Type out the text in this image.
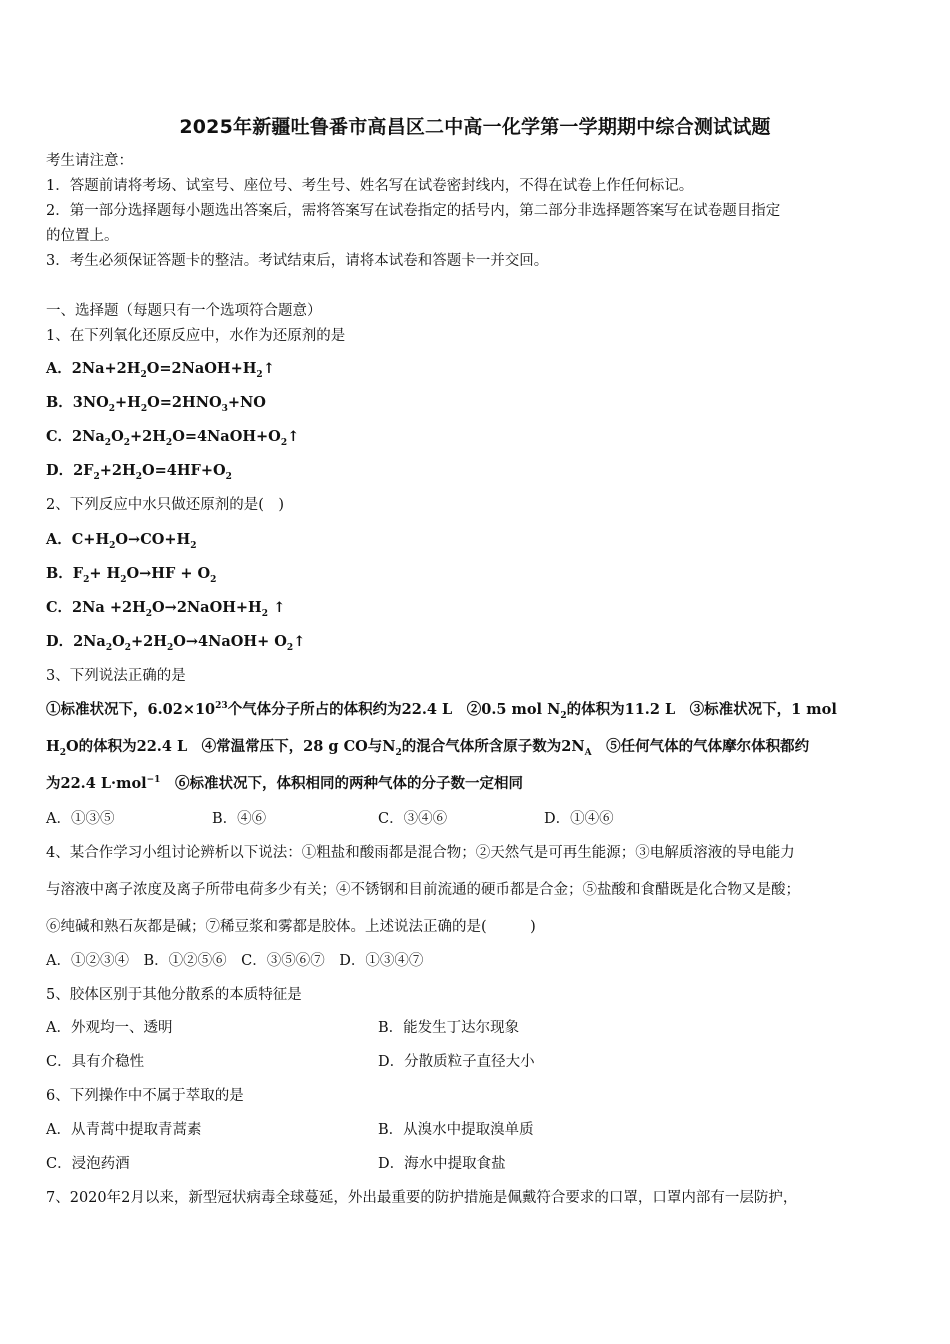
2025年新疆吐鲁番市高昌区二中高一化学第一学期期中综合测试试题
考生请注意：
1．答题前请将考场、试室号、座位号、考生号、姓名写在试卷密封线内，不得在试卷上作任何标记。
2．第一部分选择题每小题选出答案后，需将答案写在试卷指定的括号内，第二部分非选择题答案写在试卷题目指定
的位置上。
3．考生必须保证答题卡的整洁。考试结束后，请将本试卷和答题卡一并交回。
一、选择题（每题只有一个选项符合题意）
1、在下列氧化还原反应中，水作为还原剂的是
A．$2Na+2H_2O=2NaOH+H_2↑$
B．$3NO_2+H_2O=2HNO_3+NO$
C．$2Na_2O_2+2H_2O=4NaOH+O_2↑$
D．$2F_2+2H_2O=4HF+O_2$
2、下列反应中水只做还原剂的是(　)
A．$C+H_2O\to CO+H_2$
B．$F_2+ H_2O\to HF + O_2$
C．$2Na +2H_2O\to 2NaOH+H_2$ ↑
D．$2Na_2O_2+2H_2O\to 4NaOH+$ $O_2↑$
3、下列说法正确的是
①标准状况下，$6.02\times 10^{23}$个气体分子所占的体积约为22.4 L　②0.5 mol $N_2$的体积为11.2 L　③标准状况下，1 mol
$H_2O$的体积为22.4 L　④常温常压下，28 g CO与$N_2$的混合气体所含原子数为$2N_A$　⑤任何气体的气体摩尔体积都约
为22.4 L·mol$^{-1}$　⑥标准状况下，体积相同的两种气体的分子数一定相同
A．①③⑤	B．④⑥	C．③④⑥	D．①④⑥
4、某合作学习小组讨论辨析以下说法：①粗盐和酸雨都是混合物；②天然气是可再生能源；③电解质溶液的导电能力
与溶液中离子浓度及离子所带电荷多少有关；④不锈钢和目前流通的硬币都是合金；⑤盐酸和食醋既是化合物又是酸；
⑥纯碱和熟石灰都是碱；⑦稀豆浆和雾都是胶体。上述说法正确的是(　　　)
A．①②③④　B．①②⑤⑥　C．③⑤⑥⑦　D．①③④⑦
5、胶体区别于其他分散系的本质特征是
A．外观均一、透明	B．能发生丁达尔现象
C．具有介稳性	D．分散质粒子直径大小
6、下列操作中不属于萃取的是
A．从青蒿中提取青蒿素	B．从溴水中提取溴单质
C．浸泡药酒	D．海水中提取食盐
7、2020年2月以来，新型冠状病毒全球蔓延，外出最重要的防护措施是佩戴符合要求的口罩，口罩内部有一层防护，
